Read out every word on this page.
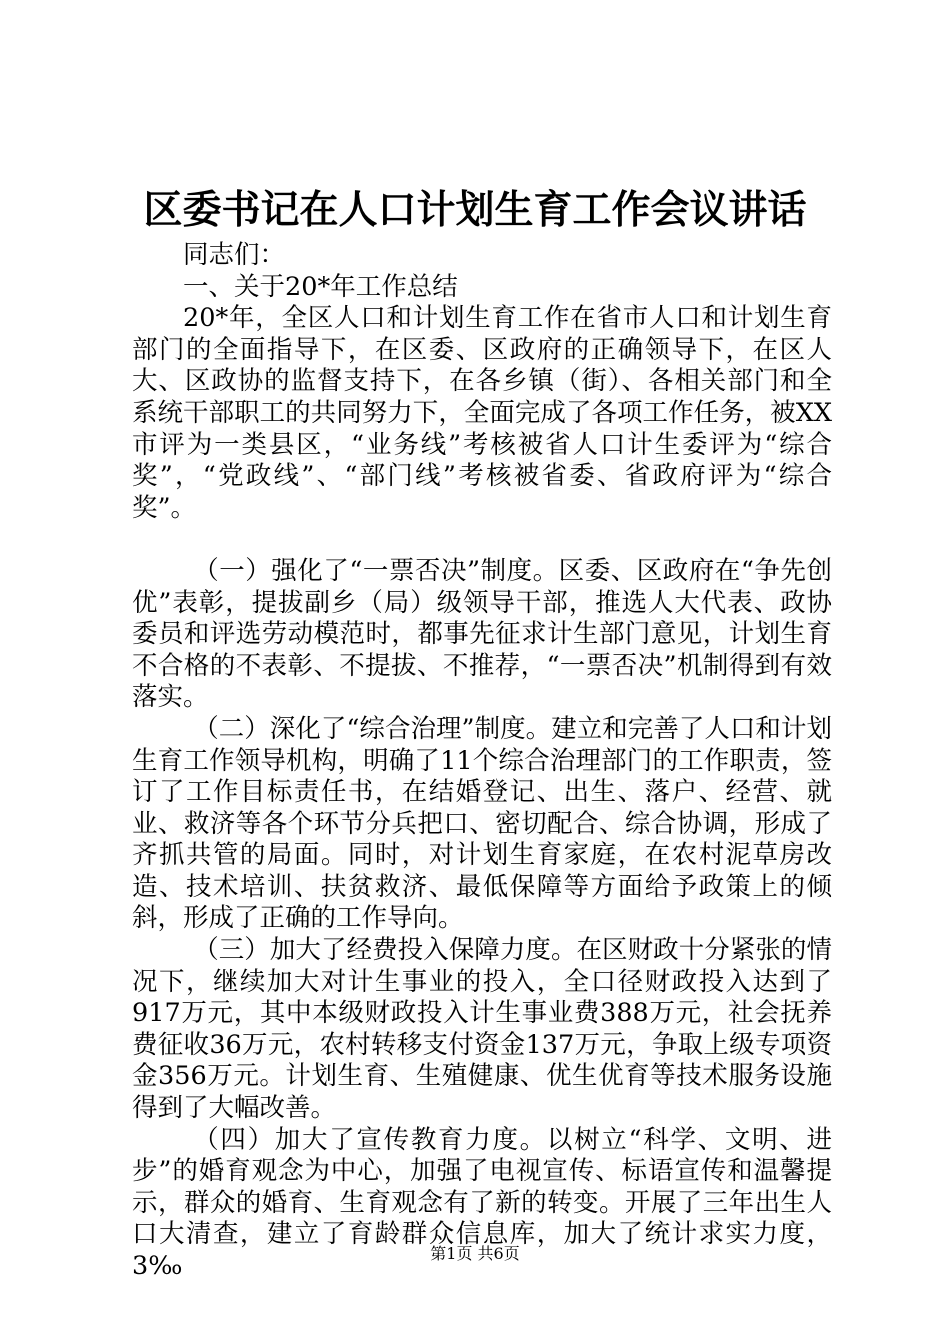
区委书记在人口计划生育工作会议讲话

同志们：

一、关于20*年工作总结

20*年，全区人口和计划生育工作在省市人口和计划生育部门的全面指导下，在区委、区政府的正确领导下，在区人大、区政协的监督支持下，在各乡镇（街）、各相关部门和全系统干部职工的共同努力下，全面完成了各项工作任务，被XX市评为一类县区，“业务线”考核被省人口计生委评为“综合奖”，“党政线”、“部门线”考核被省委、省政府评为“综合奖”。

（一）强化了“一票否决”制度。区委、区政府在“争先创优”表彰，提拔副乡（局）级领导干部，推选人大代表、政协委员和评选劳动模范时，都事先征求计生部门意见，计划生育不合格的不表彰、不提拔、不推荐，“一票否决”机制得到有效落实。

（二）深化了“综合治理”制度。建立和完善了人口和计划生育工作领导机构，明确了11个综合治理部门的工作职责，签订了工作目标责任书，在结婚登记、出生、落户、经营、就业、救济等各个环节分兵把口、密切配合、综合协调，形成了齐抓共管的局面。同时，对计划生育家庭，在农村泥草房改造、技术培训、扶贫救济、最低保障等方面给予政策上的倾斜，形成了正确的工作导向。

（三）加大了经费投入保障力度。在区财政十分紧张的情况下，继续加大对计生事业的投入，全口径财政投入达到了917万元，其中本级财政投入计生事业费388万元，社会抚养费征收36万元，农村转移支付资金137万元，争取上级专项资金356万元。计划生育、生殖健康、优生优育等技术服务设施得到了大幅改善。

（四）加大了宣传教育力度。以树立“科学、文明、进步”的婚育观念为中心，加强了电视宣传、标语宣传和温馨提示，群众的婚育、生育观念有了新的转变。开展了三年出生人口大清查，建立了育龄群众信息库，加大了统计求实力度，3‰	第1页 共6页
